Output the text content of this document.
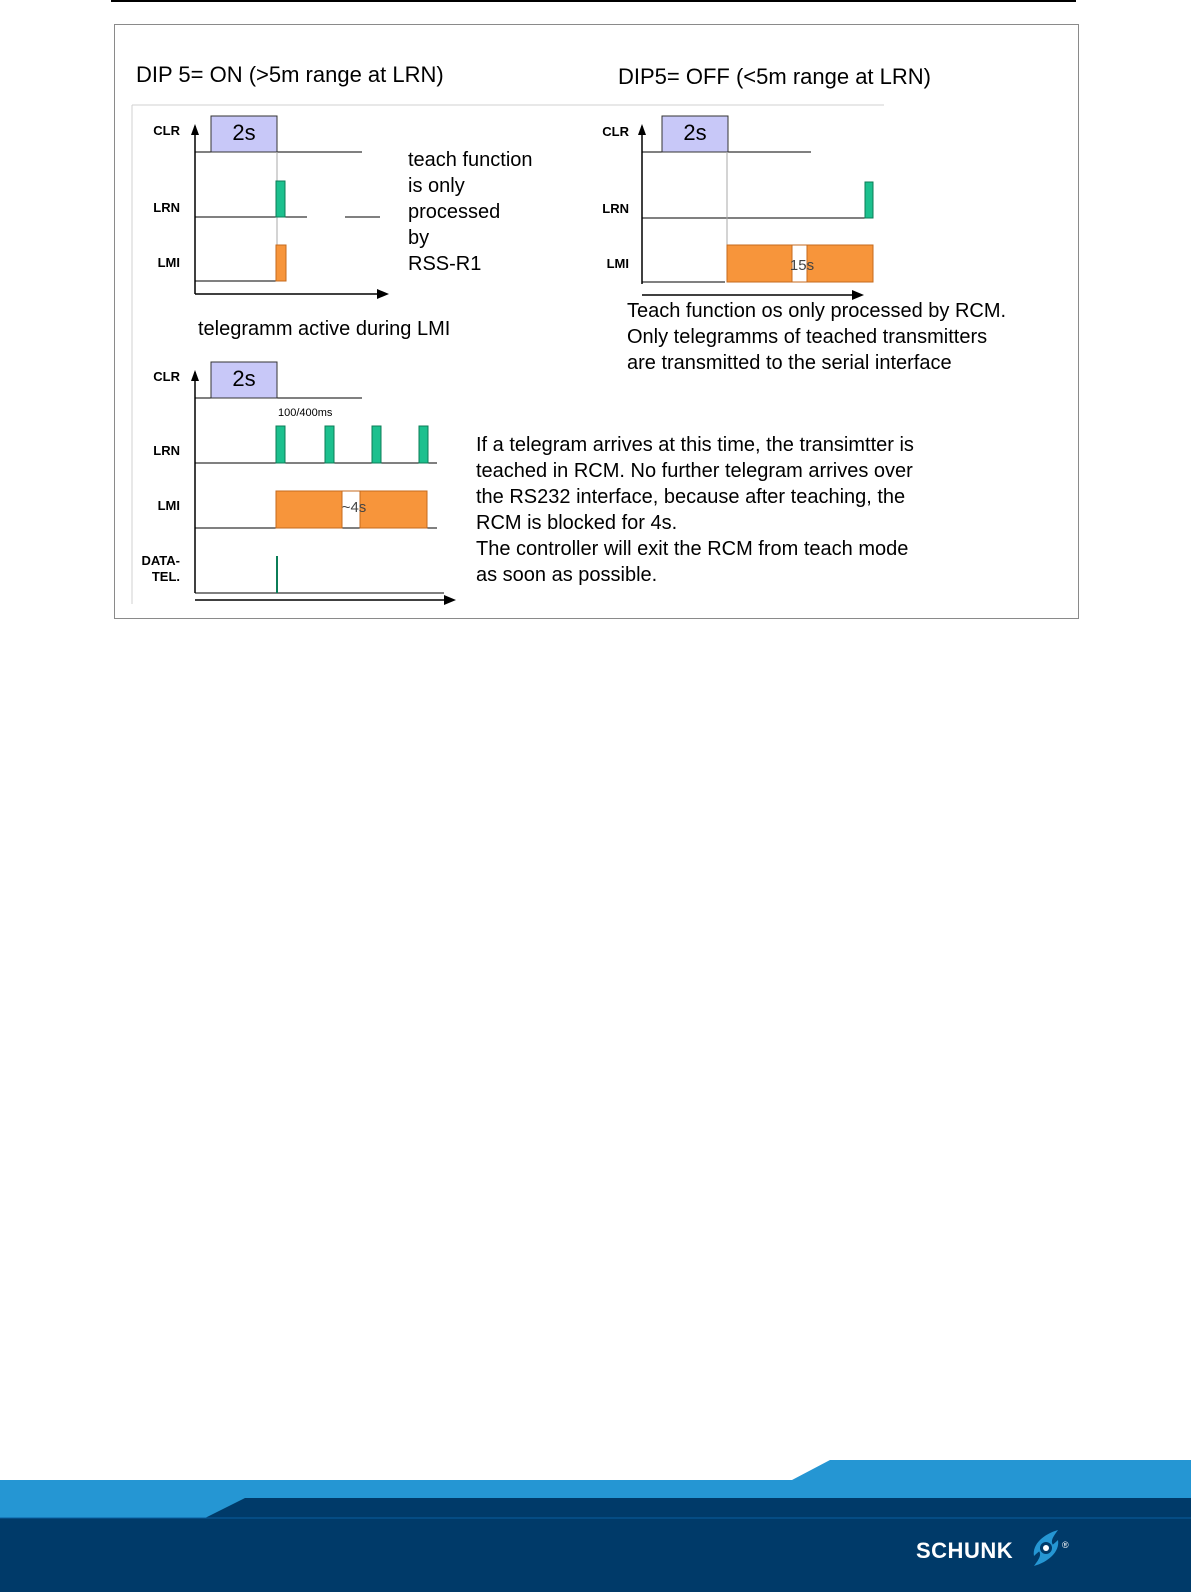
DIP 5= ON (>5m range at LRN)	DIP5= OFF (<5m range at LRN)
CLR
LRN
LMI
2s
teach function
is only
processed
by
RSS-R1
CLR
LRN
LMI
2s
15s
Teach function os only processed by RCM.
Only telegramms of teached transmitters
are transmitted to the serial interface
telegramm active during LMI
CLR
LRN
LMI
DATA-
TEL.
2s
100/400ms
~4s
If a telegram arrives at this time, the transimtter is
teached in RCM. No further telegram arrives over
the RS232 interface, because after teaching, the
RCM is blocked for 4s.
The controller will exit the RCM from teach mode
as soon as possible.
SCHUNK	®
